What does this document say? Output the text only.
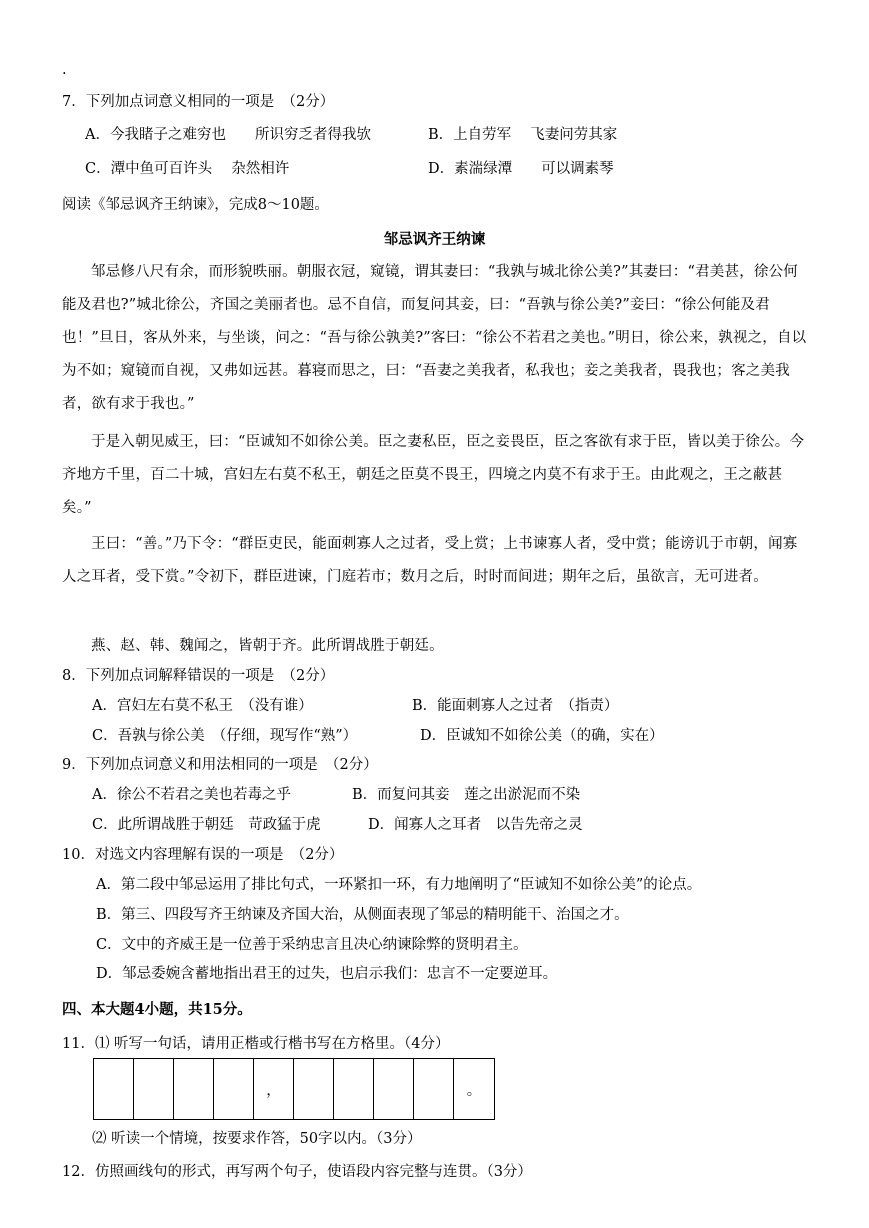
.
7．下列加点词意义相同的一项是　（2分）
A．今我睹子之难穷也　　所识穷乏者得我欤	B．上自劳军　 飞妻问劳其家
C．潭中鱼可百许头　 杂然相许	D．素湍绿潭　　可以调素琴
阅读《邹忌讽齐王纳谏》，完成8～10题。
邹忌讽齐王纳谏
邹忌修八尺有余，而形貌昳丽。朝服衣冠，窥镜，谓其妻曰：“我孰与城北徐公美?”其妻曰：“君美甚，徐公何能及君也?”城北徐公，齐国之美丽者也。忌不自信，而复问其妾，曰：“吾孰与徐公美?”妾曰：“徐公何能及君也！”旦日，客从外来，与坐谈，问之：“吾与徐公孰美?”客曰：“徐公不若君之美也。”明日，徐公来，孰视之，自以为不如；窥镜而自视，又弗如远甚。暮寝而思之，曰：“吾妻之美我者，私我也；妾之美我者，畏我也；客之美我者，欲有求于我也。”
于是入朝见威王，曰：“臣诚知不如徐公美。臣之妻私臣，臣之妾畏臣，臣之客欲有求于臣，皆以美于徐公。今齐地方千里，百二十城，宫妇左右莫不私王，朝廷之臣莫不畏王，四境之内莫不有求于王。由此观之，王之蔽甚矣。”
王曰：“善。”乃下令：“群臣吏民，能面刺寡人之过者，受上赏；上书谏寡人者，受中赏；能谤讥于市朝，闻寡人之耳者，受下赏。”令初下，群臣进谏，门庭若市；数月之后，时时而间进；期年之后，虽欲言，无可进者。
燕、赵、韩、魏闻之，皆朝于齐。此所谓战胜于朝廷。
8．下列加点词解释错误的一项是　（2分）
A．宫妇左右莫不私王　（没有谁）	B．能面刺寡人之过者　（指责）
C．吾孰与徐公美　（仔细，现写作“熟”）	D．臣诚知不如徐公美（的确，实在）
9．下列加点词意义和用法相同的一项是　（2分）
A．徐公不若君之美也若毒之乎	B．而复问其妾　莲之出淤泥而不染
C．此所谓战胜于朝廷　苛政猛于虎	D．闻寡人之耳者　以告先帝之灵
10．对选文内容理解有误的一项是　（2分）
A．第二段中邹忌运用了排比句式，一环紧扣一环，有力地阐明了“臣诚知不如徐公美”的论点。
B．第三、四段写齐王纳谏及齐国大治，从侧面表现了邹忌的精明能干、治国之才。
C．文中的齐威王是一位善于采纳忠言且决心纳谏除弊的贤明君主。
D．邹忌委婉含蓄地指出君王的过失，也启示我们：忠言不一定要逆耳。
四、本大题4小题，共15分。
11．⑴ 听写一句话，请用正楷或行楷书写在方格里。（4分）
，	。
⑵ 听读一个情境，按要求作答，50字以内。（3分）
12．仿照画线句的形式，再写两个句子，使语段内容完整与连贯。（3分）
